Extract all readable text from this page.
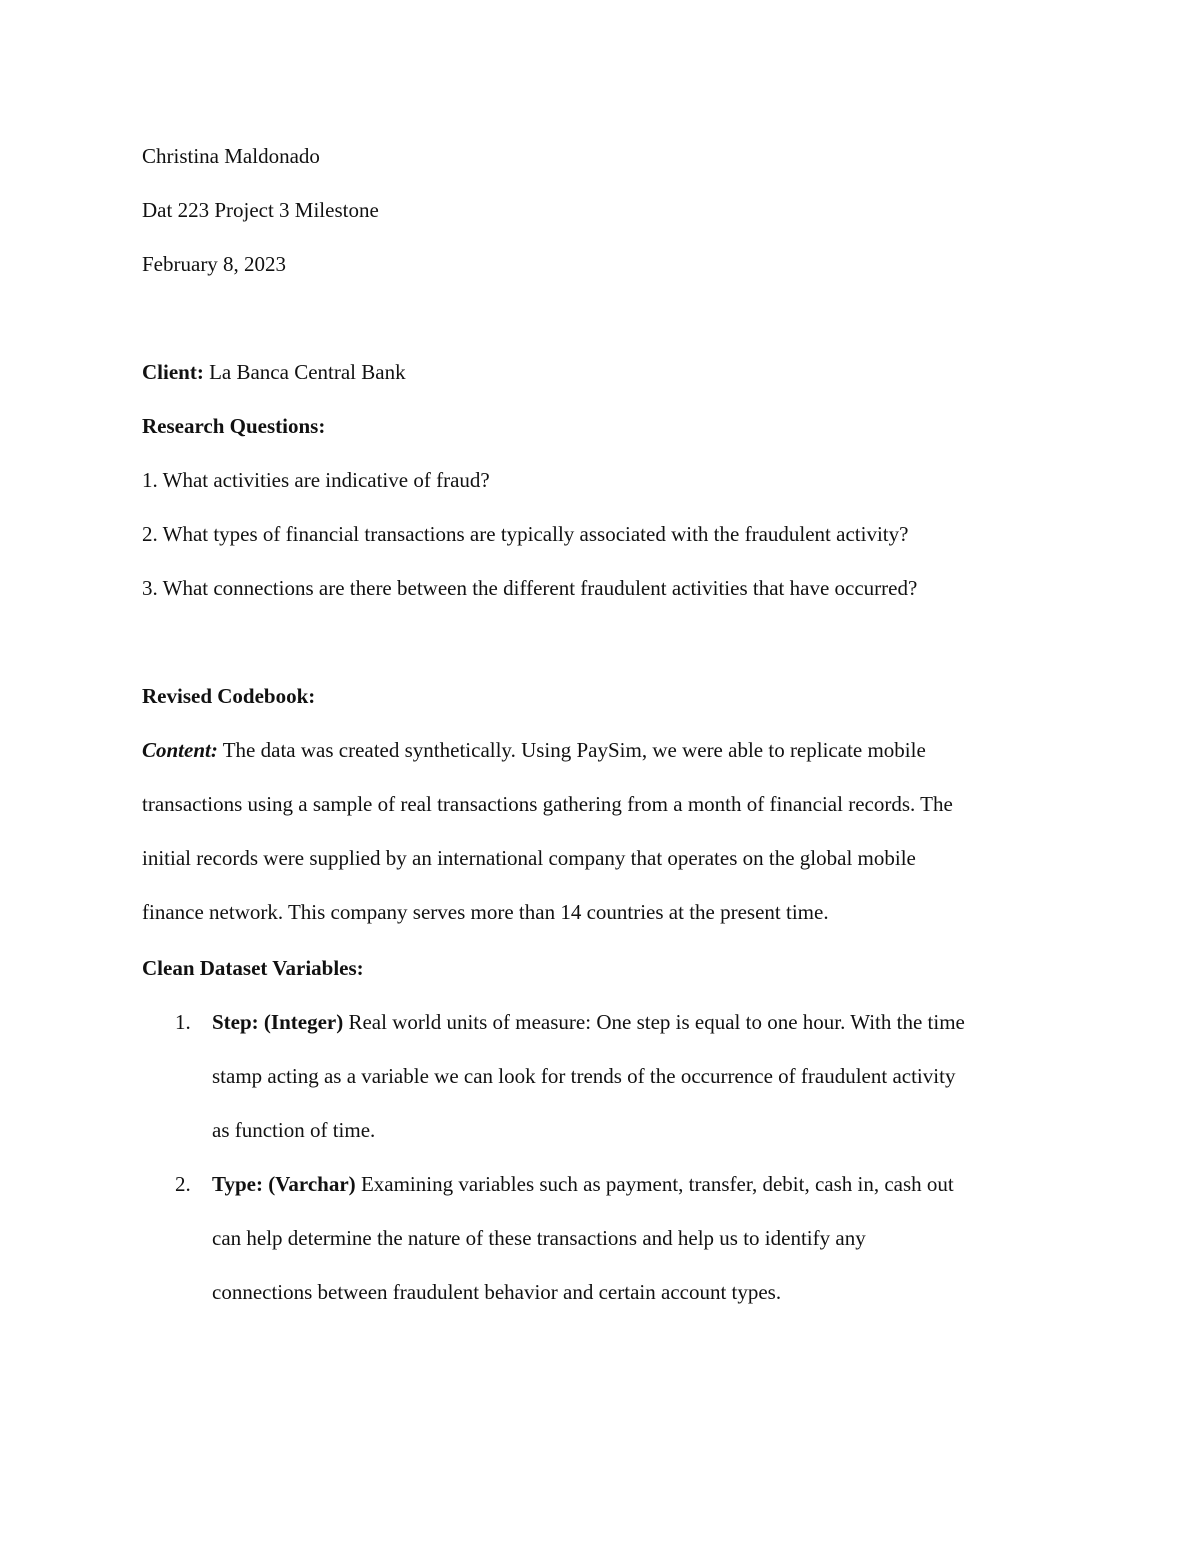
Christina Maldonado
Dat 223 Project 3 Milestone
February 8, 2023
Client: La Banca Central Bank
Research Questions:
1. What activities are indicative of fraud?
2. What types of financial transactions are typically associated with the fraudulent activity?
3. What connections are there between the different fraudulent activities that have occurred?
Revised Codebook:
Content: The data was created synthetically. Using PaySim, we were able to replicate mobile
transactions using a sample of real transactions gathering from a month of financial records. The
initial records were supplied by an international company that operates on the global mobile
finance network. This company serves more than 14 countries at the present time.
Clean Dataset Variables:
1. Step: (Integer) Real world units of measure: One step is equal to one hour. With the time
stamp acting as a variable we can look for trends of the occurrence of fraudulent activity
as function of time.
2. Type: (Varchar) Examining variables such as payment, transfer, debit, cash in, cash out
can help determine the nature of these transactions and help us to identify any
connections between fraudulent behavior and certain account types.
